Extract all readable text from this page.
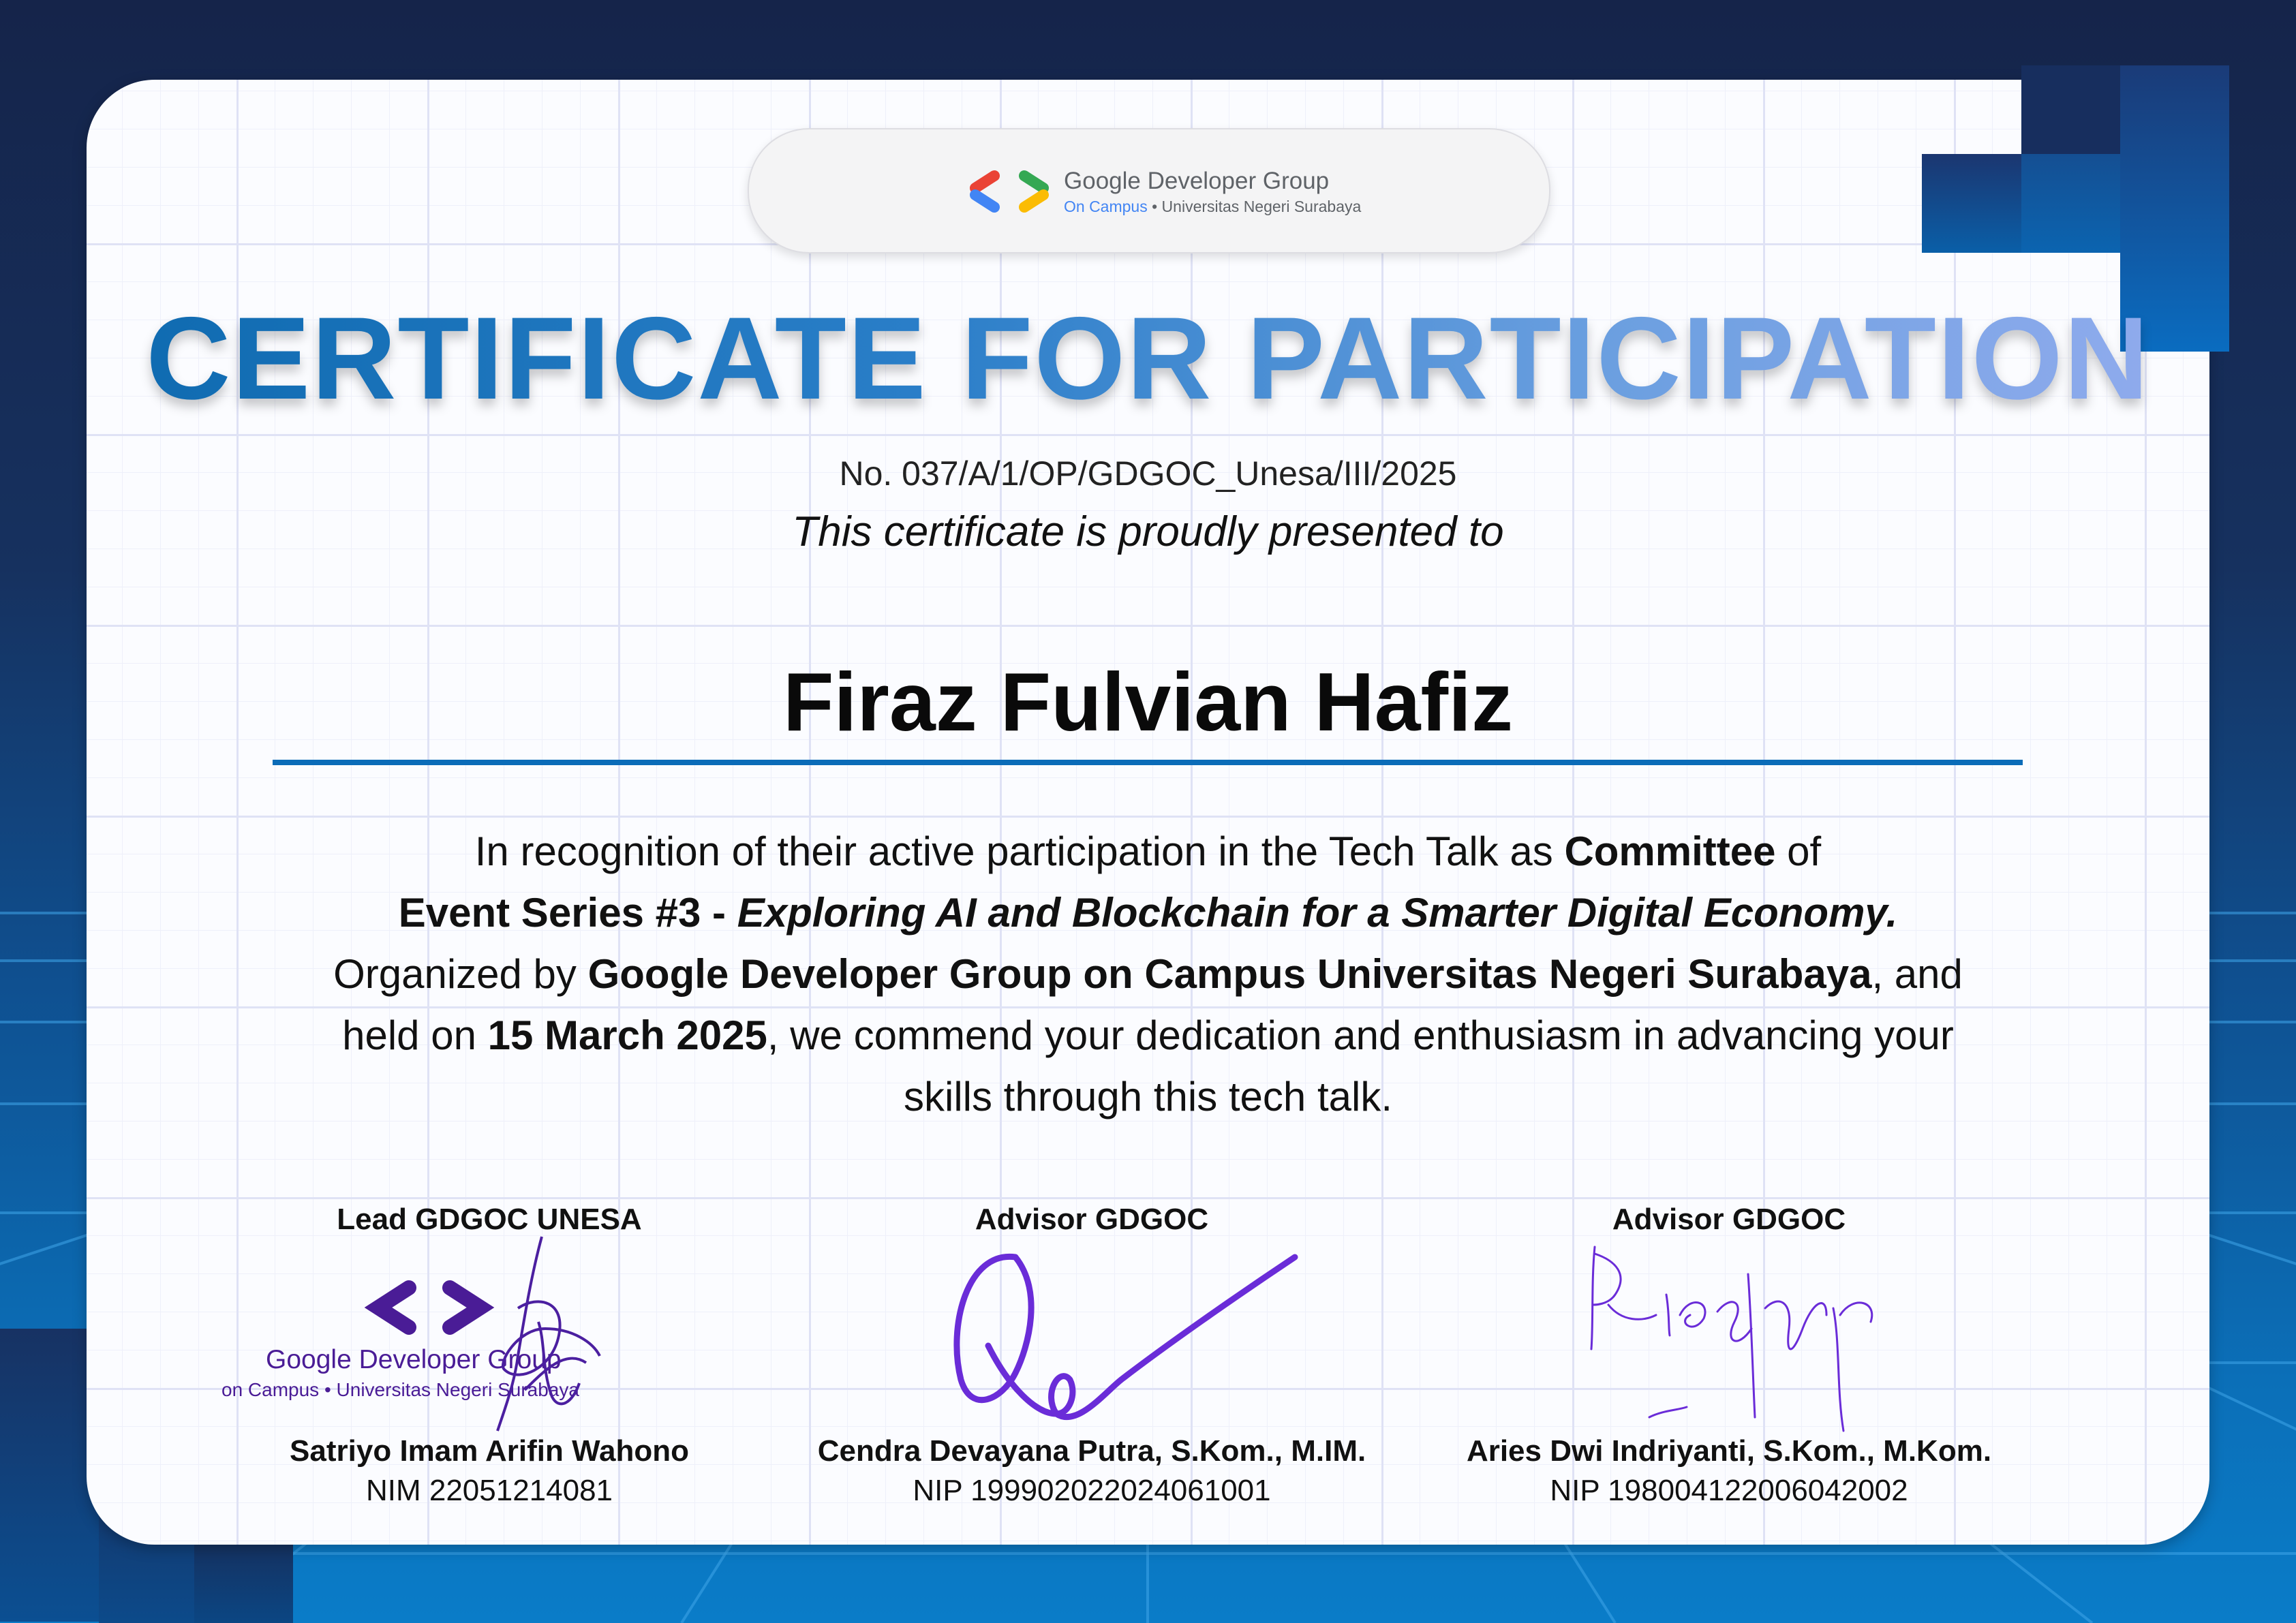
Google Developer Group
On Campus • Universitas Negeri Surabaya
CERTIFICATE FOR PARTICIPATION
No. 037/A/1/OP/GDGOC_Unesa/III/2025
This certificate is proudly presented to
Firaz Fulvian Hafiz
In recognition of their active participation in the Tech Talk as Committee of
Event Series #3 - Exploring AI and Blockchain for a Smarter Digital Economy.
Organized by Google Developer Group on Campus Universitas Negeri Surabaya, and
held on 15 March 2025, we commend your dedication and enthusiasm in advancing your
skills through this tech talk.
Lead GDGOC UNESA
Google Developer Group
on Campus • Universitas Negeri Surabaya
Satriyo Imam Arifin Wahono
NIM 22051214081
Advisor GDGOC
Cendra Devayana Putra, S.Kom., M.IM.
NIP 199902022024061001
Advisor GDGOC
Aries Dwi Indriyanti, S.Kom., M.Kom.
NIP 198004122006042002
